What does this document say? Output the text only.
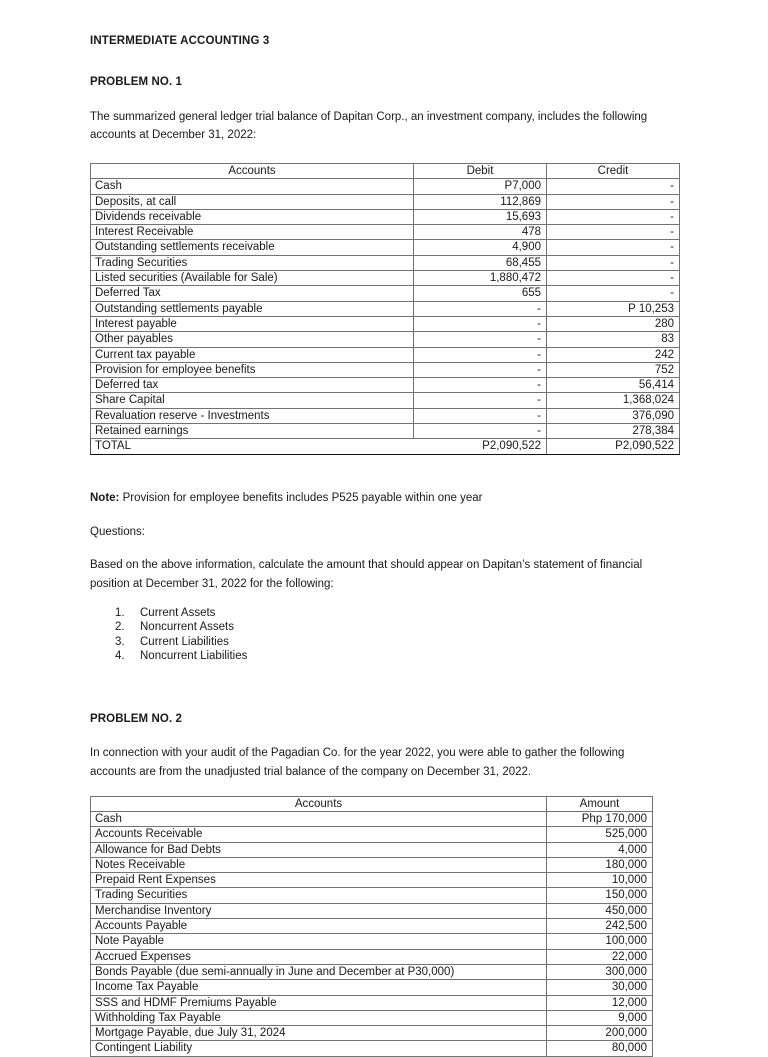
INTERMEDIATE ACCOUNTING 3
PROBLEM NO. 1

The summarized general ledger trial balance of Dapitan Corp., an investment company, includes the following accounts at December 31, 2022:

Accounts	Debit	Credit
Cash	P7,000	-
Deposits, at call	112,869	-
Dividends receivable	15,693	-
Interest Receivable	478	-
Outstanding settlements receivable	4,900	-
Trading Securities	68,455	-
Listed securities (Available for Sale)	1,880,472	-
Deferred Tax	655	-
Outstanding settlements payable	-	P 10,253
Interest payable	-	280
Other payables	-	83
Current tax payable	-	242
Provision for employee benefits	-	752
Deferred tax	-	56,414
Share Capital	-	1,368,024
Revaluation reserve - Investments	-	376,090
Retained earnings	-	278,384
TOTAL	P2,090,522	P2,090,522

Note: Provision for employee benefits includes P525 payable within one year

Questions:

Based on the above information, calculate the amount that should appear on Dapitan’s statement of financial position at December 31, 2022 for the following:

1. Current Assets
2. Noncurrent Assets
3. Current Liabilities
4. Noncurrent Liabilities
PROBLEM NO. 2

In connection with your audit of the Pagadian Co. for the year 2022, you were able to gather the following accounts are from the unadjusted trial balance of the company on December 31, 2022.

Accounts	Amount
Cash	Php 170,000
Accounts Receivable	525,000
Allowance for Bad Debts	4,000
Notes Receivable	180,000
Prepaid Rent Expenses	10,000
Trading Securities	150,000
Merchandise Inventory	450,000
Accounts Payable	242,500
Note Payable	100,000
Accrued Expenses	22,000
Bonds Payable (due semi-annually in June and December at P30,000)	300,000
Income Tax Payable	30,000
SSS and HDMF Premiums Payable	12,000
Withholding Tax Payable	9,000
Mortgage Payable, due July 31, 2024	200,000
Contingent Liability	80,000
